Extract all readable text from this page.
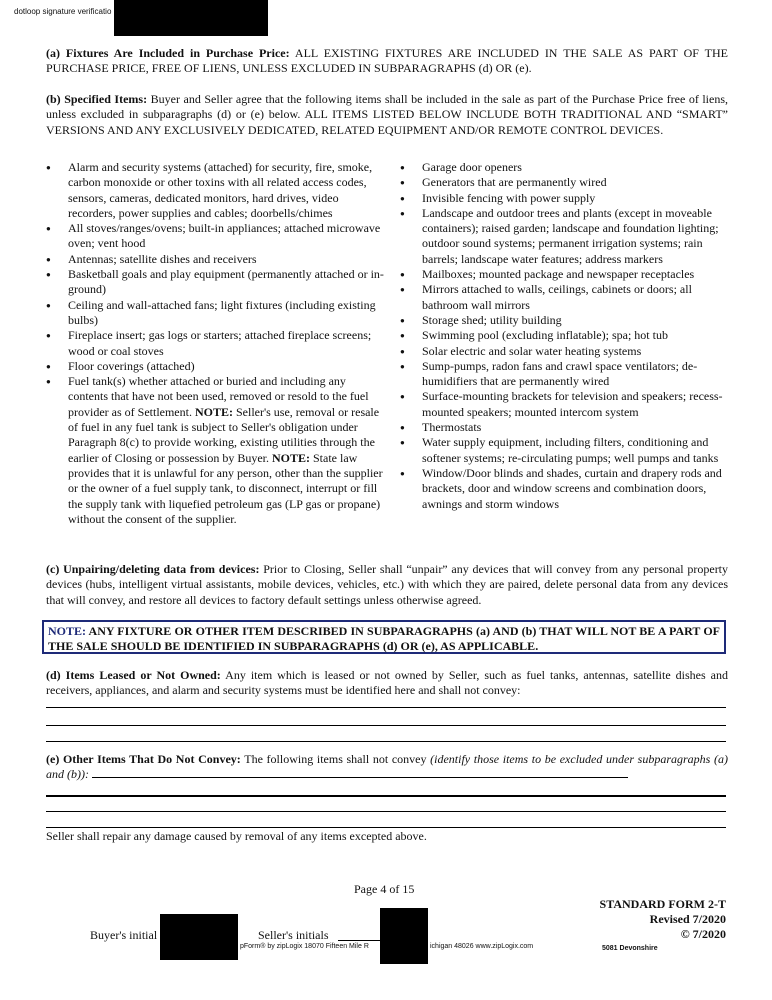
dotloop signature verificatio
(a) Fixtures Are Included in Purchase Price: ALL EXISTING FIXTURES ARE INCLUDED IN THE SALE AS PART OF THE PURCHASE PRICE, FREE OF LIENS, UNLESS EXCLUDED IN SUBPARAGRAPHS (d) OR (e).
(b) Specified Items: Buyer and Seller agree that the following items shall be included in the sale as part of the Purchase Price free of liens, unless excluded in subparagraphs (d) or (e) below. ALL ITEMS LISTED BELOW INCLUDE BOTH TRADITIONAL AND “SMART” VERSIONS AND ANY EXCLUSIVELY DEDICATED, RELATED EQUIPMENT AND/OR REMOTE CONTROL DEVICES.
● Alarm and security systems (attached) for security, fire, smoke, carbon monoxide or other toxins with all related access codes, sensors, cameras, dedicated monitors, hard drives, video recorders, power supplies and cables; doorbells/chimes
● All stoves/ranges/ovens; built-in appliances; attached microwave oven; vent hood
● Antennas; satellite dishes and receivers
● Basketball goals and play equipment (permanently attached or in-ground)
● Ceiling and wall-attached fans; light fixtures (including existing bulbs)
● Fireplace insert; gas logs or starters; attached fireplace screens; wood or coal stoves
● Floor coverings (attached)
● Fuel tank(s) whether attached or buried and including any contents that have not been used, removed or resold to the fuel provider as of Settlement. NOTE: Seller's use, removal or resale of fuel in any fuel tank is subject to Seller's obligation under Paragraph 8(c) to provide working, existing utilities through the earlier of Closing or possession by Buyer. NOTE: State law provides that it is unlawful for any person, other than the supplier or the owner of a fuel supply tank, to disconnect, interrupt or fill the supply tank with liquefied petroleum gas (LP gas or propane) without the consent of the supplier.
● Garage door openers
● Generators that are permanently wired
● Invisible fencing with power supply
● Landscape and outdoor trees and plants (except in moveable containers); raised garden; landscape and foundation lighting; outdoor sound systems; permanent irrigation systems; rain barrels; landscape water features; address markers
● Mailboxes; mounted package and newspaper receptacles
● Mirrors attached to walls, ceilings, cabinets or doors; all bathroom wall mirrors
● Storage shed; utility building
● Swimming pool (excluding inflatable); spa; hot tub
● Solar electric and solar water heating systems
● Sump-pumps, radon fans and crawl space ventilators; de-humidifiers that are permanently wired
● Surface-mounting brackets for television and speakers; recess-mounted speakers; mounted intercom system
● Thermostats
● Water supply equipment, including filters, conditioning and softener systems; re-circulating pumps; well pumps and tanks
● Window/Door blinds and shades, curtain and drapery rods and brackets, door and window screens and combination doors, awnings and storm windows
(c) Unpairing/deleting data from devices: Prior to Closing, Seller shall “unpair” any devices that will convey from any personal property devices (hubs, intelligent virtual assistants, mobile devices, vehicles, etc.) with which they are paired, delete personal data from any devices that will convey, and restore all devices to factory default settings unless otherwise agreed.
NOTE: ANY FIXTURE OR OTHER ITEM DESCRIBED IN SUBPARAGRAPHS (a) AND (b) THAT WILL NOT BE A PART OF THE SALE SHOULD BE IDENTIFIED IN SUBPARAGRAPHS (d) OR (e), AS APPLICABLE.
(d) Items Leased or Not Owned: Any item which is leased or not owned by Seller, such as fuel tanks, antennas, satellite dishes and receivers, appliances, and alarm and security systems must be identified here and shall not convey:
(e) Other Items That Do Not Convey: The following items shall not convey (identify those items to be excluded under subparagraphs (a) and (b)):
Seller shall repair any damage caused by removal of any items excepted above.
Page 4 of 15
Buyer's initial	Seller's initials
pForm® by zipLogix 18070 Fifteen Mile R	ichigan 48026 www.zipLogix.com	5081 Devonshire
STANDARD FORM 2-T
Revised 7/2020
© 7/2020
